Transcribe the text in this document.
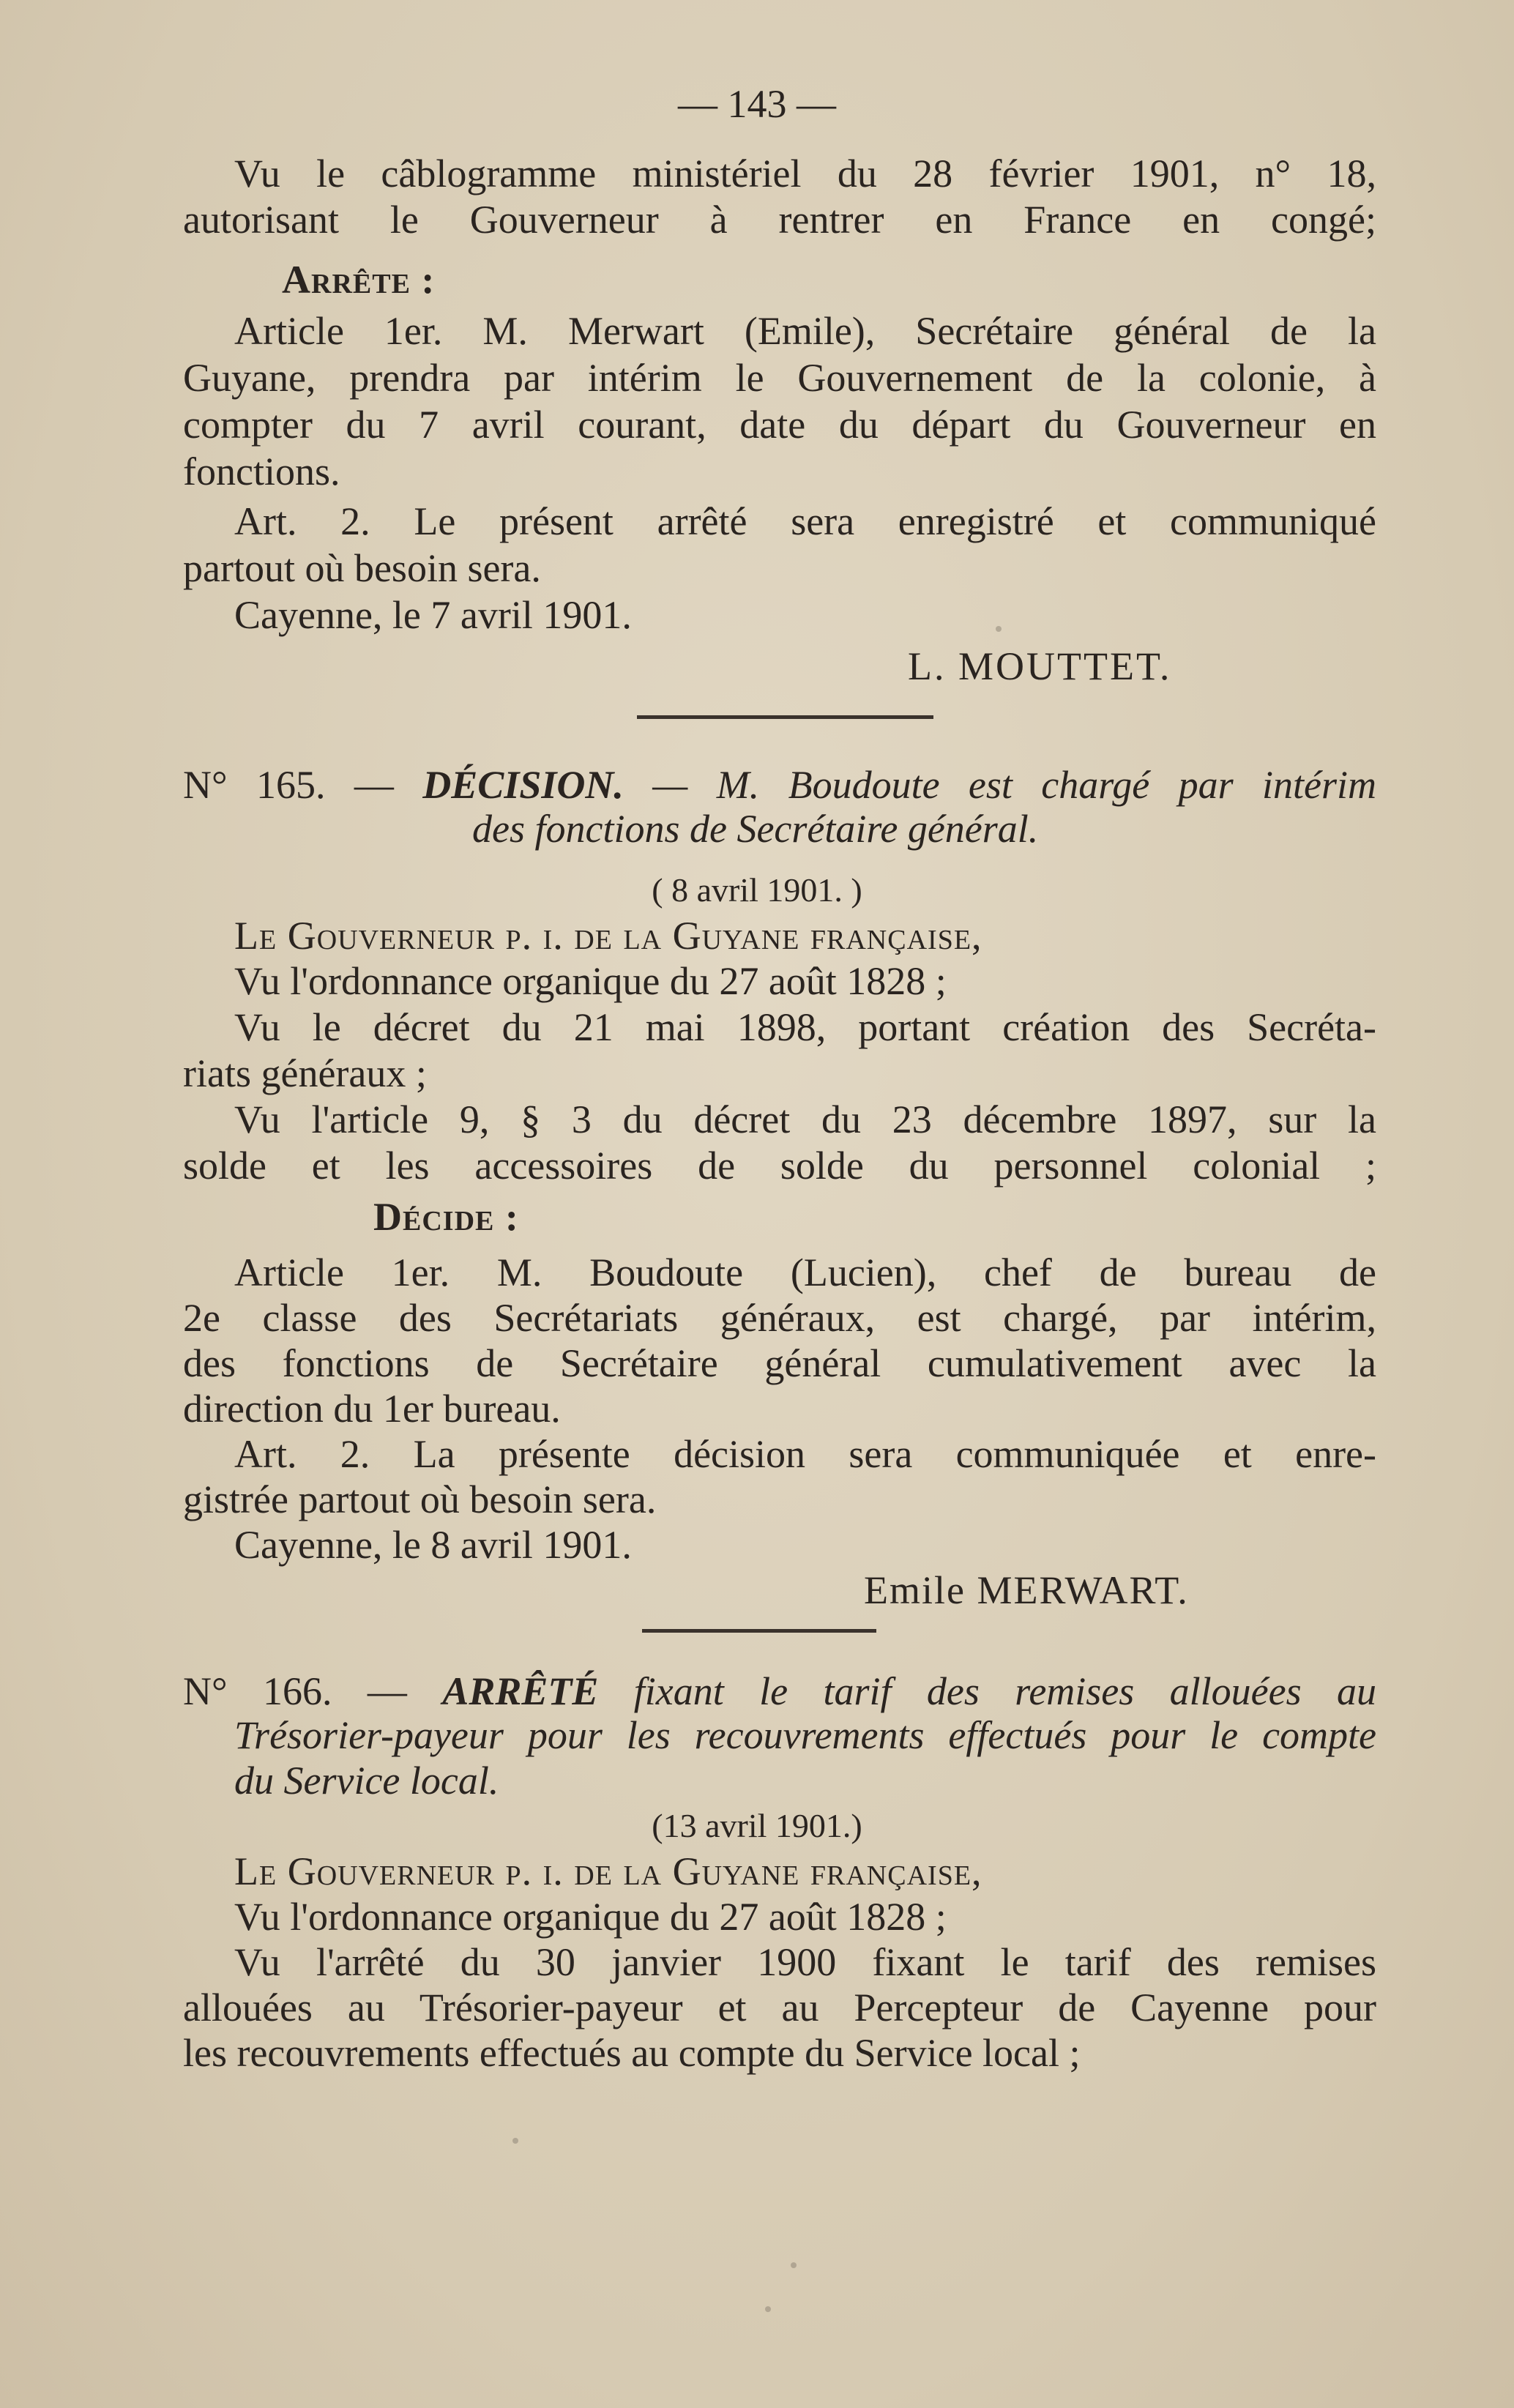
— 143 —

Vu le câblogramme ministériel du 28 février 1901, n° 18,

autorisant le Gouverneur à rentrer en France en congé;

Arrête :

Article 1er. M. Merwart (Emile), Secrétaire général de la

Guyane, prendra par intérim le Gouvernement de la colonie, à

compter du 7 avril courant, date du départ du Gouverneur en

fonctions.

Art. 2. Le présent arrêté sera enregistré et communiqué

partout où besoin sera.

Cayenne, le 7 avril 1901.

L. MOUTTET.

N° 165. — DÉCISION. — M. Boudoute est chargé par intérim

des fonctions de Secrétaire général.

( 8 avril 1901. )

Le Gouverneur p. i. de la Guyane française,

Vu l'ordonnance organique du 27 août 1828 ;

Vu le décret du 21 mai 1898, portant création des Secréta-

riats généraux ;

Vu l'article 9, § 3 du décret du 23 décembre 1897, sur la

solde et les accessoires de solde du personnel colonial ;

Décide :

Article 1er. M. Boudoute (Lucien), chef de bureau de

2e classe des Secrétariats généraux, est chargé, par intérim,

des fonctions de Secrétaire général cumulativement avec la

direction du 1er bureau.

Art. 2. La présente décision sera communiquée et enre-

gistrée partout où besoin sera.

Cayenne, le 8 avril 1901.

Emile MERWART.

N° 166. — ARRÊTÉ fixant le tarif des remises allouées au

Trésorier-payeur pour les recouvrements effectués pour le compte

du Service local.

(13 avril 1901.)

Le Gouverneur p. i. de la Guyane française,

Vu l'ordonnance organique du 27 août 1828 ;

Vu l'arrêté du 30 janvier 1900 fixant le tarif des remises

allouées au Trésorier-payeur et au Percepteur de Cayenne pour

les recouvrements effectués au compte du Service local ;
